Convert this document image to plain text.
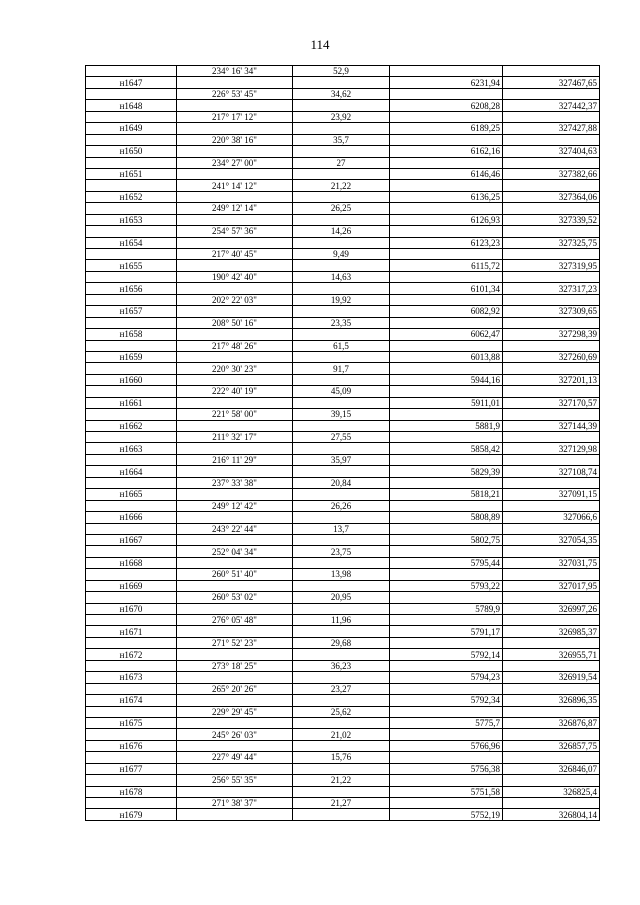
114
	234° 16' 34"	52,9		
н1647			6231,94	327467,65
	226° 53' 45"	34,62		
н1648			6208,28	327442,37
	217° 17' 12"	23,92		
н1649			6189,25	327427,88
	220° 38' 16"	35,7		
н1650			6162,16	327404,63
	234° 27' 00"	27		
н1651			6146,46	327382,66
	241° 14' 12"	21,22		
н1652			6136,25	327364,06
	249° 12' 14"	26,25		
н1653			6126,93	327339,52
	254° 57' 36"	14,26		
н1654			6123,23	327325,75
	217° 40' 45"	9,49		
н1655			6115,72	327319,95
	190° 42' 40"	14,63		
н1656			6101,34	327317,23
	202° 22' 03"	19,92		
н1657			6082,92	327309,65
	208° 50' 16"	23,35		
н1658			6062,47	327298,39
	217° 48' 26"	61,5		
н1659			6013,88	327260,69
	220° 30' 23"	91,7		
н1660			5944,16	327201,13
	222° 40' 19"	45,09		
н1661			5911,01	327170,57
	221° 58' 00"	39,15		
н1662			5881,9	327144,39
	211° 32' 17"	27,55		
н1663			5858,42	327129,98
	216° 11' 29"	35,97		
н1664			5829,39	327108,74
	237° 33' 38"	20,84		
н1665			5818,21	327091,15
	249° 12' 42"	26,26		
н1666			5808,89	327066,6
	243° 22' 44"	13,7		
н1667			5802,75	327054,35
	252° 04' 34"	23,75		
н1668			5795,44	327031,75
	260° 51' 40"	13,98		
н1669			5793,22	327017,95
	260° 53' 02"	20,95		
н1670			5789,9	326997,26
	276° 05' 48"	11,96		
н1671			5791,17	326985,37
	271° 52' 23"	29,68		
н1672			5792,14	326955,71
	273° 18' 25"	36,23		
н1673			5794,23	326919,54
	265° 20' 26"	23,27		
н1674			5792,34	326896,35
	229° 29' 45"	25,62		
н1675			5775,7	326876,87
	245° 26' 03"	21,02		
н1676			5766,96	326857,75
	227° 49' 44"	15,76		
н1677			5756,38	326846,07
	256° 55' 35"	21,22		
н1678			5751,58	326825,4
	271° 38' 37"	21,27		
н1679			5752,19	326804,14
